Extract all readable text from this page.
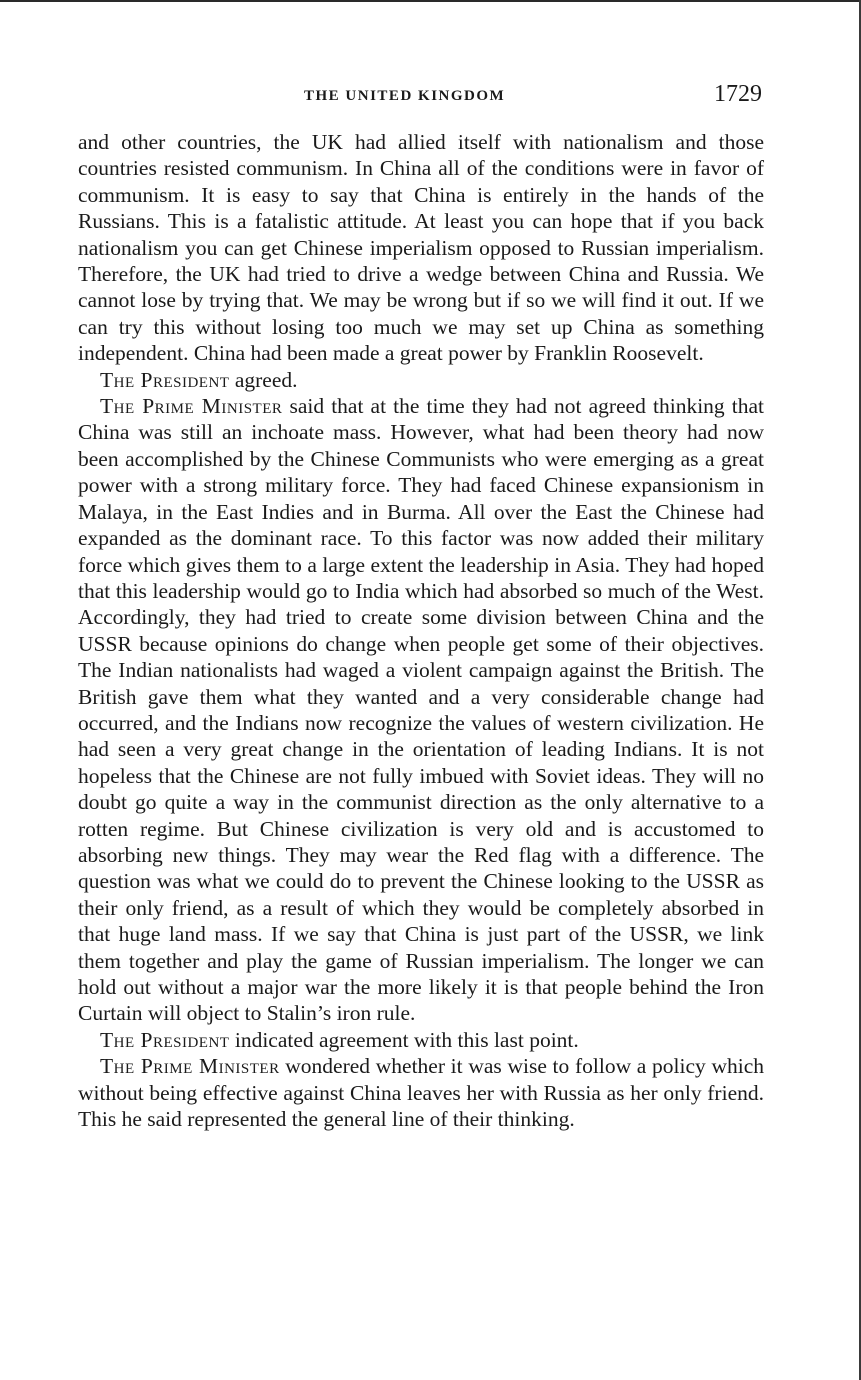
THE UNITED KINGDOM	1729

and other countries, the UK had allied itself with nationalism and those countries resisted communism. In China all of the conditions were in favor of communism. It is easy to say that China is entirely in the hands of the Russians. This is a fatalistic attitude. At least you can hope that if you back nationalism you can get Chinese imperialism opposed to Russian imperialism. Therefore, the UK had tried to drive a wedge between China and Russia. We cannot lose by trying that. We may be wrong but if so we will find it out. If we can try this without losing too much we may set up China as something independent. China had been made a great power by Franklin Roosevelt.

The President agreed.

The Prime Minister said that at the time they had not agreed thinking that China was still an inchoate mass. However, what had been theory had now been accomplished by the Chinese Communists who were emerging as a great power with a strong military force. They had faced Chinese expansionism in Malaya, in the East Indies and in Burma. All over the East the Chinese had expanded as the dominant race. To this factor was now added their military force which gives them to a large extent the leadership in Asia. They had hoped that this leadership would go to India which had absorbed so much of the West. Accordingly, they had tried to create some division between China and the USSR because opinions do change when people get some of their objectives. The Indian nationalists had waged a violent campaign against the British. The British gave them what they wanted and a very considerable change had occurred, and the Indians now recognize the values of western civilization. He had seen a very great change in the orientation of leading Indians. It is not hopeless that the Chinese are not fully imbued with Soviet ideas. They will no doubt go quite a way in the communist direction as the only alternative to a rotten regime. But Chinese civilization is very old and is accustomed to absorbing new things. They may wear the Red flag with a difference. The question was what we could do to prevent the Chinese looking to the USSR as their only friend, as a result of which they would be completely absorbed in that huge land mass. If we say that China is just part of the USSR, we link them together and play the game of Russian imperialism. The longer we can hold out without a major war the more likely it is that people behind the Iron Curtain will object to Stalin’s iron rule.

The President indicated agreement with this last point.

The Prime Minister wondered whether it was wise to follow a policy which without being effective against China leaves her with Russia as her only friend. This he said represented the general line of their thinking.
